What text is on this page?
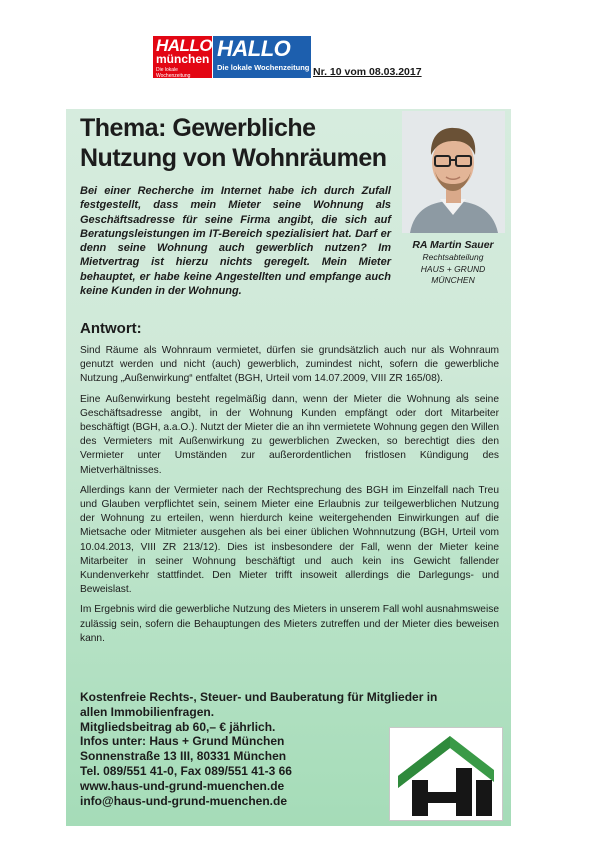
HALLO
münchen
Die lokale Wochenzeitung
HALLO
Die lokale Wochenzeitung Nr. 10 vom 08.03.2017
Thema: Gewerbliche
Nutzung von Wohnräumen

Bei einer Recherche im Internet habe ich durch Zufall festgestellt, dass mein Mieter seine Wohnung als Geschäftsadresse für seine Firma angibt, die sich auf Beratungsleistungen im IT-Bereich spezialisiert hat. Darf er denn seine Wohnung auch gewerblich nutzen? Im Mietvertrag ist hierzu nichts geregelt. Mein Mieter behauptet, er habe keine Angestellten und empfange auch keine Kunden in der Wohnung.

RA Martin Sauer
Rechtsabteilung
HAUS + GRUND
MÜNCHEN
Antwort:

Sind Räume als Wohnraum vermietet, dürfen sie grundsätzlich auch nur als Wohnraum genutzt werden und nicht (auch) gewerblich, zumindest nicht, sofern die gewerbliche Nutzung „Außenwirkung“ entfaltet (BGH, Urteil vom 14.07.2009, VIII ZR 165/08).

Eine Außenwirkung besteht regelmäßig dann, wenn der Mieter die Wohnung als seine Geschäftsadresse angibt, in der Wohnung Kunden empfängt oder dort Mitarbeiter beschäftigt (BGH, a.a.O.). Nutzt der Mieter die an ihn vermietete Wohnung gegen den Willen des Vermieters mit Außenwirkung zu gewerblichen Zwecken, so berechtigt dies den Vermieter unter Umständen zur außerordentlichen fristlosen Kündigung des Mietverhältnisses.

Allerdings kann der Vermieter nach der Rechtsprechung des BGH im Einzelfall nach Treu und Glauben verpflichtet sein, seinem Mieter eine Erlaubnis zur teilgewerblichen Nutzung der Wohnung zu erteilen, wenn hierdurch keine weitergehenden Einwirkungen auf die Mietsache oder Mitmieter ausgehen als bei einer üblichen Wohnnutzung (BGH, Urteil vom 10.04.2013, VIII ZR 213/12). Dies ist insbesondere der Fall, wenn der Mieter keine Mitarbeiter in seiner Wohnung beschäftigt und auch kein ins Gewicht fallender Kundenverkehr stattfindet. Den Mieter trifft insoweit allerdings die Darlegungs- und Beweislast.

Im Ergebnis wird die gewerbliche Nutzung des Mieters in unserem Fall wohl ausnahmsweise zulässig sein, sofern die Behauptungen des Mieters zutreffen und der Mieter dies beweisen kann.

Kostenfreie Rechts-, Steuer- und Bauberatung für Mitglieder in
allen Immobilienfragen.
Mitgliedsbeitrag ab 60,– € jährlich.
Infos unter: Haus + Grund München
Sonnenstraße 13 III, 80331 München
Tel. 089/551 41-0, Fax 089/551 41-3 66
www.haus-und-grund-muenchen.de
info@haus-und-grund-muenchen.de
